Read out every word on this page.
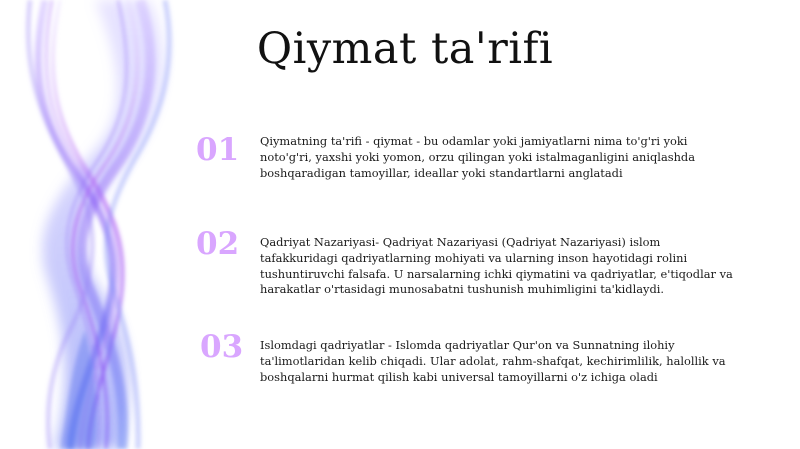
Qiymat ta'rifi
01	Qiymatning ta'rifi - qiymat - bu odamlar yoki jamiyatlarni nima to'g'ri yoki noto'g'ri, yaxshi yoki yomon, orzu qilingan yoki istalmaganligini aniqlashda boshqaradigan tamoyillar, ideallar yoki standartlarni anglatadi

02	Qadriyat Nazariyasi- Qadriyat Nazariyasi (Qadriyat Nazariyasi) islom tafakkuridagi qadriyatlarning mohiyati va ularning inson hayotidagi rolini tushuntiruvchi falsafa. U narsalarning ichki qiymatini va qadriyatlar, e'tiqodlar va harakatlar o'rtasidagi munosabatni tushunish muhimligini ta'kidlaydi.

03	Islomdagi qadriyatlar - Islomda qadriyatlar Qur'on va Sunnatning ilohiy ta'limotlaridan kelib chiqadi. Ular adolat, rahm-shafqat, kechirimlilik, halollik va boshqalarni hurmat qilish kabi universal tamoyillarni o'z ichiga oladi
